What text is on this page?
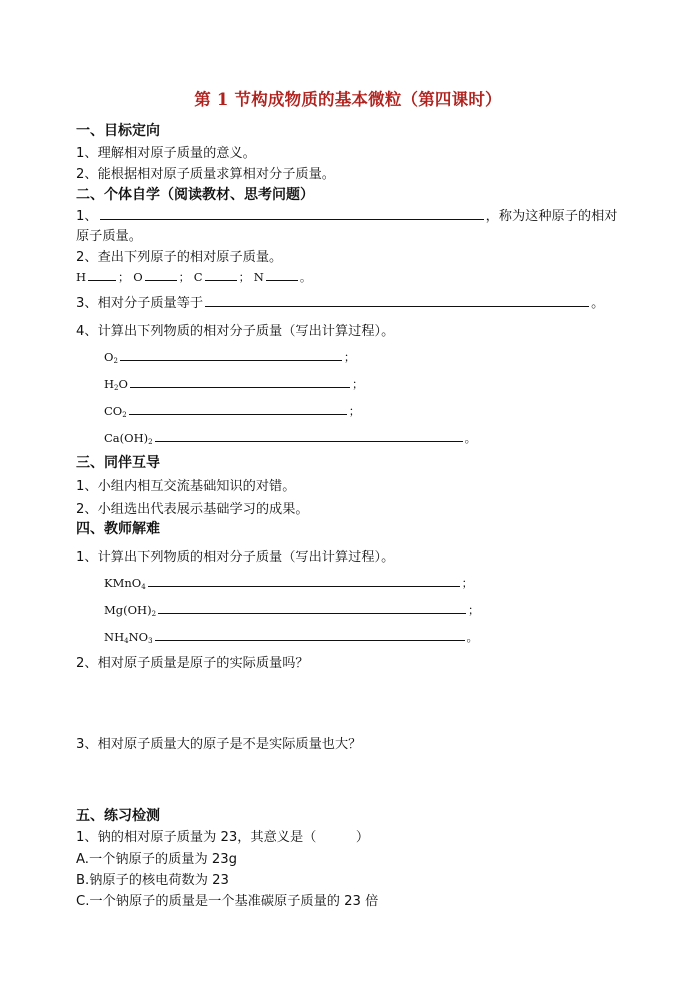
第 1 节构成物质的基本微粒（第四课时）
一、目标定向
1、理解相对原子质量的意义。
2、能根据相对原子质量求算相对分子质量。
二、个体自学（阅读教材、思考问题）
1、	，称为这种原子的相对
原子质量。
2、查出下列原子的相对原子质量。
H	； O	； C	； N	。
3、相对分子质量等于	。
4、计算出下列物质的相对分子质量（写出计算过程）。
$O_2$	；
$H_2O$	；
$CO_2$	；
$Ca(OH)_2$	。
三、同伴互导
1、小组内相互交流基础知识的对错。
2、小组选出代表展示基础学习的成果。
四、教师解难
1、计算出下列物质的相对分子质量（写出计算过程）。
KMnO$_4$	；
$Mg(OH)_2$	；
$NH_4NO_3$	。
2、相对原子质量是原子的实际质量吗？
3、相对原子质量大的原子是不是实际质量也大？
五、练习检测
1、钠的相对原子质量为 23，其意义是（　　　）
A.一个钠原子的质量为 23g
B.钠原子的核电荷数为 23
C.一个钠原子的质量是一个基准碳原子质量的 23 倍
